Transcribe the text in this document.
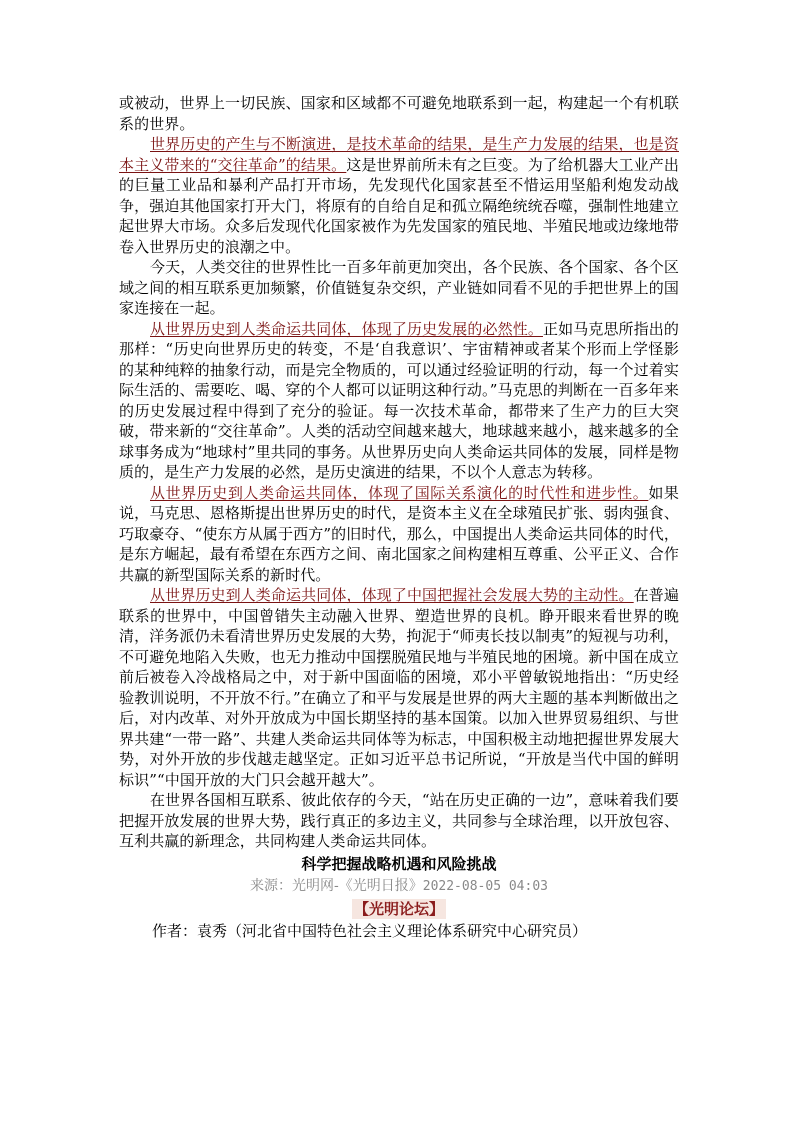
或被动，世界上一切民族、国家和区域都不可避免地联系到一起，构建起一个有机联系的世界。

世界历史的产生与不断演进，是技术革命的结果，是生产力发展的结果，也是资本主义带来的“交往革命”的结果。这是世界前所未有之巨变。为了给机器大工业产出的巨量工业品和暴利产品打开市场，先发现代化国家甚至不惜运用坚船利炮发动战争，强迫其他国家打开大门，将原有的自给自足和孤立隔绝统统吞噬，强制性地建立起世界大市场。众多后发现代化国家被作为先发国家的殖民地、半殖民地或边缘地带卷入世界历史的浪潮之中。

今天，人类交往的世界性比一百多年前更加突出，各个民族、各个国家、各个区域之间的相互联系更加频繁，价值链复杂交织，产业链如同看不见的手把世界上的国家连接在一起。

从世界历史到人类命运共同体，体现了历史发展的必然性。正如马克思所指出的那样：“历史向世界历史的转变，不是‘自我意识’、宇宙精神或者某个形而上学怪影的某种纯粹的抽象行动，而是完全物质的，可以通过经验证明的行动，每一个过着实际生活的、需要吃、喝、穿的个人都可以证明这种行动。”马克思的判断在一百多年来的历史发展过程中得到了充分的验证。每一次技术革命，都带来了生产力的巨大突破，带来新的“交往革命”。人类的活动空间越来越大，地球越来越小，越来越多的全球事务成为“地球村”里共同的事务。从世界历史向人类命运共同体的发展，同样是物质的，是生产力发展的必然，是历史演进的结果，不以个人意志为转移。

从世界历史到人类命运共同体，体现了国际关系演化的时代性和进步性。如果说，马克思、恩格斯提出世界历史的时代，是资本主义在全球殖民扩张、弱肉强食、巧取豪夺、“使东方从属于西方”的旧时代，那么，中国提出人类命运共同体的时代，是东方崛起，最有希望在东西方之间、南北国家之间构建相互尊重、公平正义、合作共赢的新型国际关系的新时代。

从世界历史到人类命运共同体，体现了中国把握社会发展大势的主动性。在普遍联系的世界中，中国曾错失主动融入世界、塑造世界的良机。睁开眼来看世界的晚清，洋务派仍未看清世界历史发展的大势，拘泥于“师夷长技以制夷”的短视与功利，不可避免地陷入失败，也无力推动中国摆脱殖民地与半殖民地的困境。新中国在成立前后被卷入冷战格局之中，对于新中国面临的困境，邓小平曾敏锐地指出：“历史经验教训说明，不开放不行。”在确立了和平与发展是世界的两大主题的基本判断做出之后，对内改革、对外开放成为中国长期坚持的基本国策。以加入世界贸易组织、与世界共建“一带一路”、共建人类命运共同体等为标志，中国积极主动地把握世界发展大势，对外开放的步伐越走越坚定。正如习近平总书记所说，“开放是当代中国的鲜明标识”“中国开放的大门只会越开越大”。

在世界各国相互联系、彼此依存的今天，“站在历史正确的一边”，意味着我们要把握开放发展的世界大势，践行真正的多边主义，共同参与全球治理，以开放包容、互利共赢的新理念，共同构建人类命运共同体。

科学把握战略机遇和风险挑战

来源：光明网-《光明日报》2022-08-05 04:03

【光明论坛】

作者：袁秀（河北省中国特色社会主义理论体系研究中心研究员）
